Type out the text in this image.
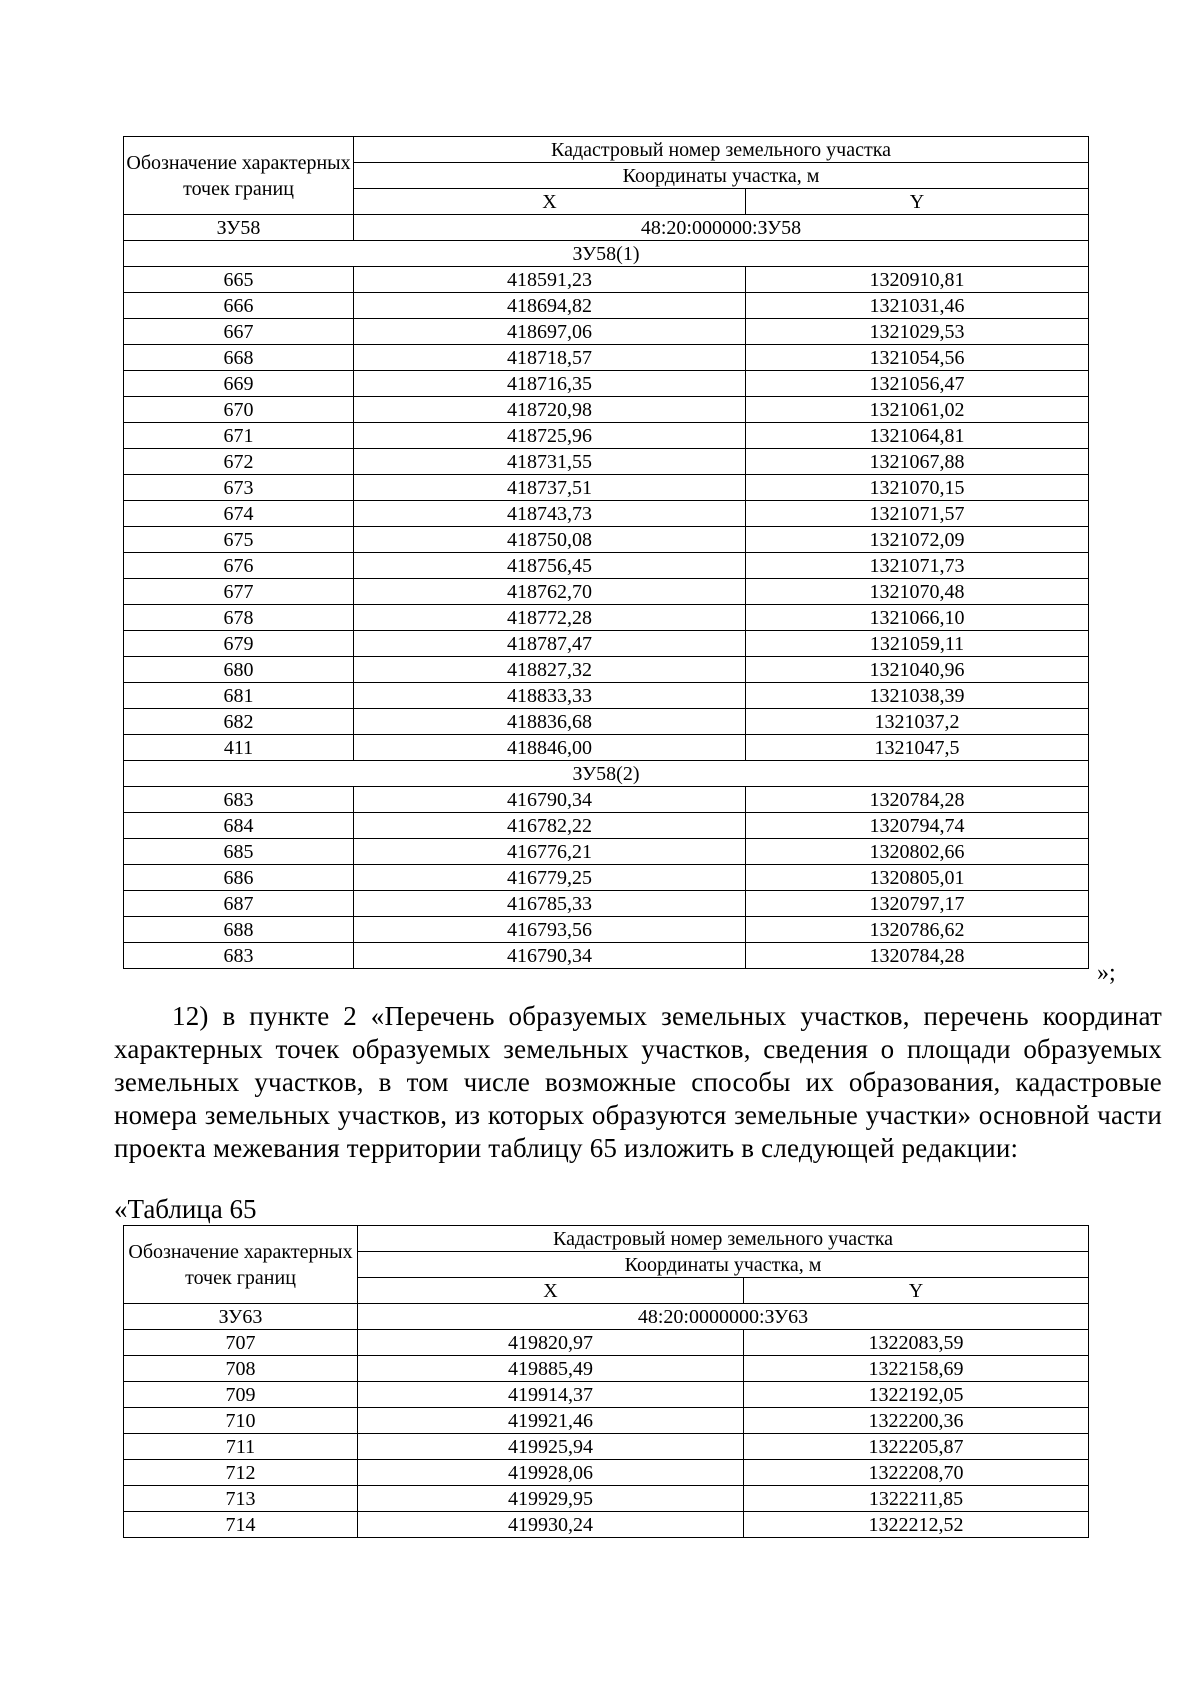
Обозначение характерных точек границ	Кадастровый номер земельного участка	
	Координаты участка, м	
	X	Y
ЗУ58	48:20:000000:ЗУ58	
ЗУ58(1)		
665	418591,23	1320910,81
666	418694,82	1321031,46
667	418697,06	1321029,53
668	418718,57	1321054,56
669	418716,35	1321056,47
670	418720,98	1321061,02
671	418725,96	1321064,81
672	418731,55	1321067,88
673	418737,51	1321070,15
674	418743,73	1321071,57
675	418750,08	1321072,09
676	418756,45	1321071,73
677	418762,70	1321070,48
678	418772,28	1321066,10
679	418787,47	1321059,11
680	418827,32	1321040,96
681	418833,33	1321038,39
682	418836,68	1321037,2
411	418846,00	1321047,5
ЗУ58(2)		
683	416790,34	1320784,28
684	416782,22	1320794,74
685	416776,21	1320802,66
686	416779,25	1320805,01
687	416785,33	1320797,17
688	416793,56	1320786,62
683	416790,34	1320784,28
»;
12) в пункте 2 «Перечень образуемых земельных участков, перечень координат характерных точек образуемых земельных участков, сведения о площади образуемых земельных участков, в том числе возможные способы их образования, кадастровые номера земельных участков, из которых образуются земельные участки» основной части проекта межевания территории таблицу 65 изложить в следующей редакции:
«Таблица 65
Обозначение характерных точек границ	Кадастровый номер земельного участка	
	Координаты участка, м	
	X	Y
ЗУ63	48:20:0000000:ЗУ63	
707	419820,97	1322083,59
708	419885,49	1322158,69
709	419914,37	1322192,05
710	419921,46	1322200,36
711	419925,94	1322205,87
712	419928,06	1322208,70
713	419929,95	1322211,85
714	419930,24	1322212,52
